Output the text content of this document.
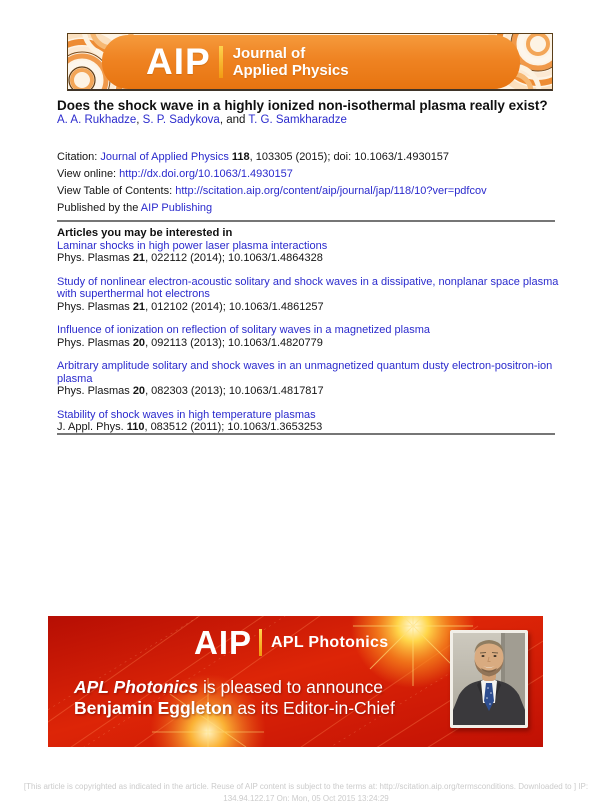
AIP Journal of
Applied Physics
Does the shock wave in a highly ionized non-isothermal plasma really exist?
A. A. Rukhadze, S. P. Sadykova, and T. G. Samkharadze
Citation: Journal of Applied Physics 118, 103305 (2015); doi: 10.1063/1.4930157
View online: http://dx.doi.org/10.1063/1.4930157
View Table of Contents: http://scitation.aip.org/content/aip/journal/jap/118/10?ver=pdfcov
Published by the AIP Publishing
Articles you may be interested in
Laminar shocks in high power laser plasma interactions
Phys. Plasmas 21, 022112 (2014); 10.1063/1.4864328
Study of nonlinear electron-acoustic solitary and shock waves in a dissipative, nonplanar space plasma with superthermal hot electrons
Phys. Plasmas 21, 012102 (2014); 10.1063/1.4861257
Influence of ionization on reflection of solitary waves in a magnetized plasma
Phys. Plasmas 20, 092113 (2013); 10.1063/1.4820779
Arbitrary amplitude solitary and shock waves in an unmagnetized quantum dusty electron-positron-ion plasma
Phys. Plasmas 20, 082303 (2013); 10.1063/1.4817817
Stability of shock waves in high temperature plasmas
J. Appl. Phys. 110, 083512 (2011); 10.1063/1.3653253
AIP APL Photonics
APL Photonics is pleased to announce
Benjamin Eggleton as its Editor-in-Chief
[This article is copyrighted as indicated in the article. Reuse of AIP content is subject to the terms at: http://scitation.aip.org/termsconditions. Downloaded to ] IP:
134.94.122.17 On: Mon, 05 Oct 2015 13:24:29
